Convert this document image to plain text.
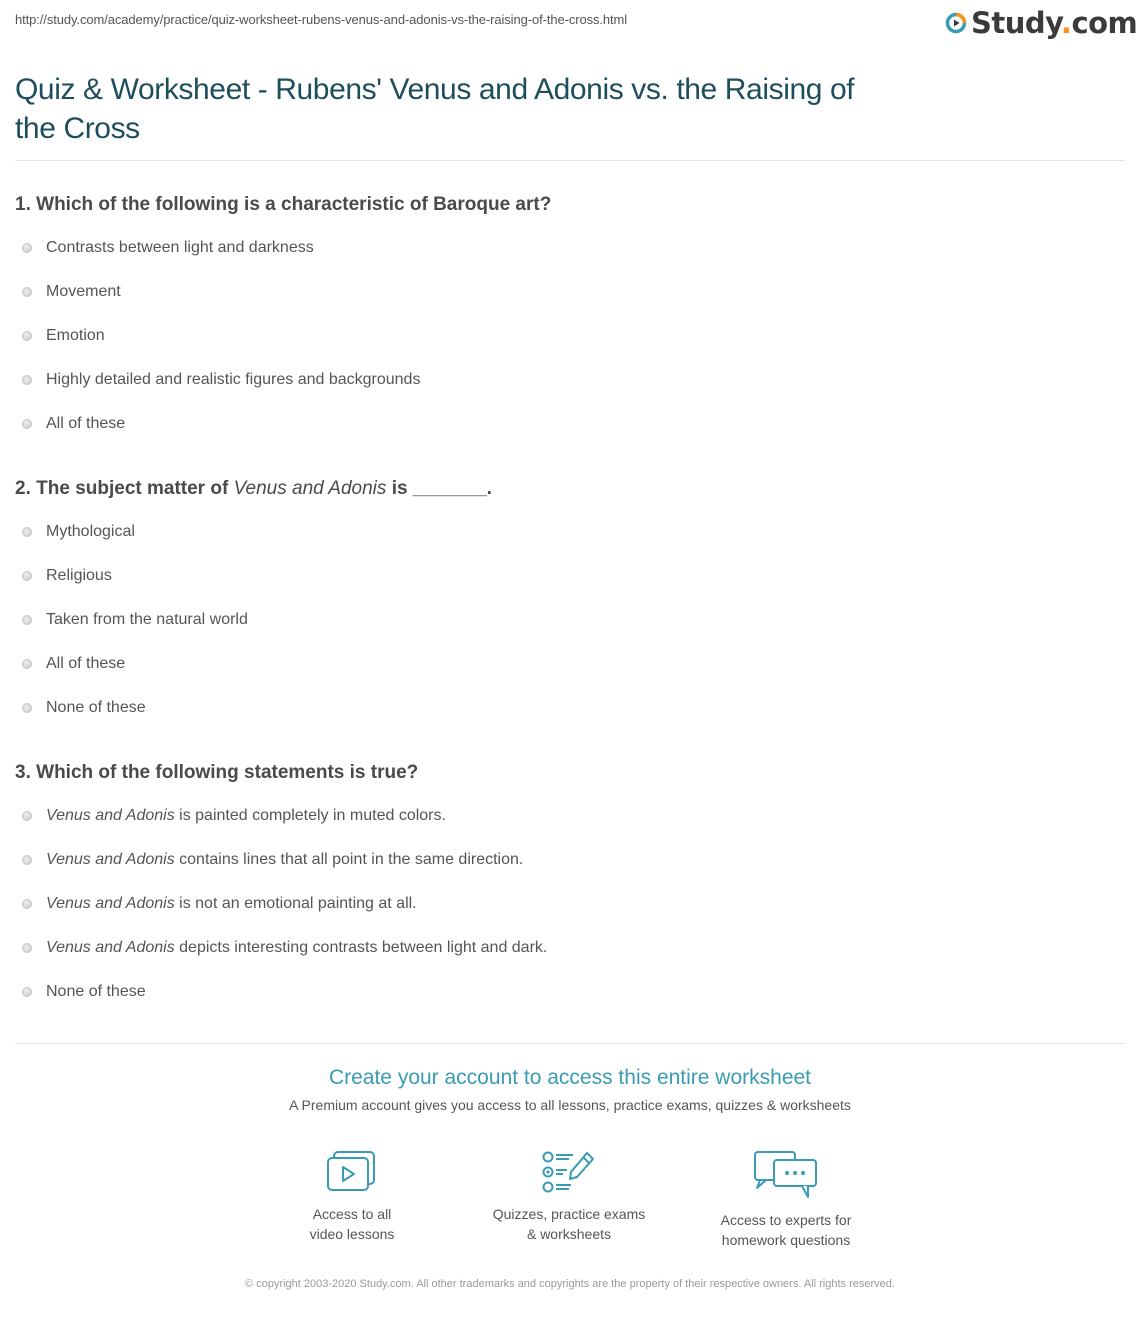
http://study.com/academy/practice/quiz-worksheet-rubens-venus-and-adonis-vs-the-raising-of-the-cross.html	Study.com
Quiz & Worksheet - Rubens' Venus and Adonis vs. the Raising of the Cross
1. Which of the following is a characteristic of Baroque art?
Contrasts between light and darkness
Movement
Emotion
Highly detailed and realistic figures and backgrounds
All of these
2. The subject matter of Venus and Adonis is _______.
Mythological
Religious
Taken from the natural world
All of these
None of these
3. Which of the following statements is true?
Venus and Adonis is painted completely in muted colors.
Venus and Adonis contains lines that all point in the same direction.
Venus and Adonis is not an emotional painting at all.
Venus and Adonis depicts interesting contrasts between light and dark.
None of these
Create your account to access this entire worksheet
A Premium account gives you access to all lessons, practice exams, quizzes & worksheets
Access to all
video lessons
Quizzes, practice exams
& worksheets
Access to experts for
homework questions
© copyright 2003-2020 Study.com. All other trademarks and copyrights are the property of their respective owners. All rights reserved.
